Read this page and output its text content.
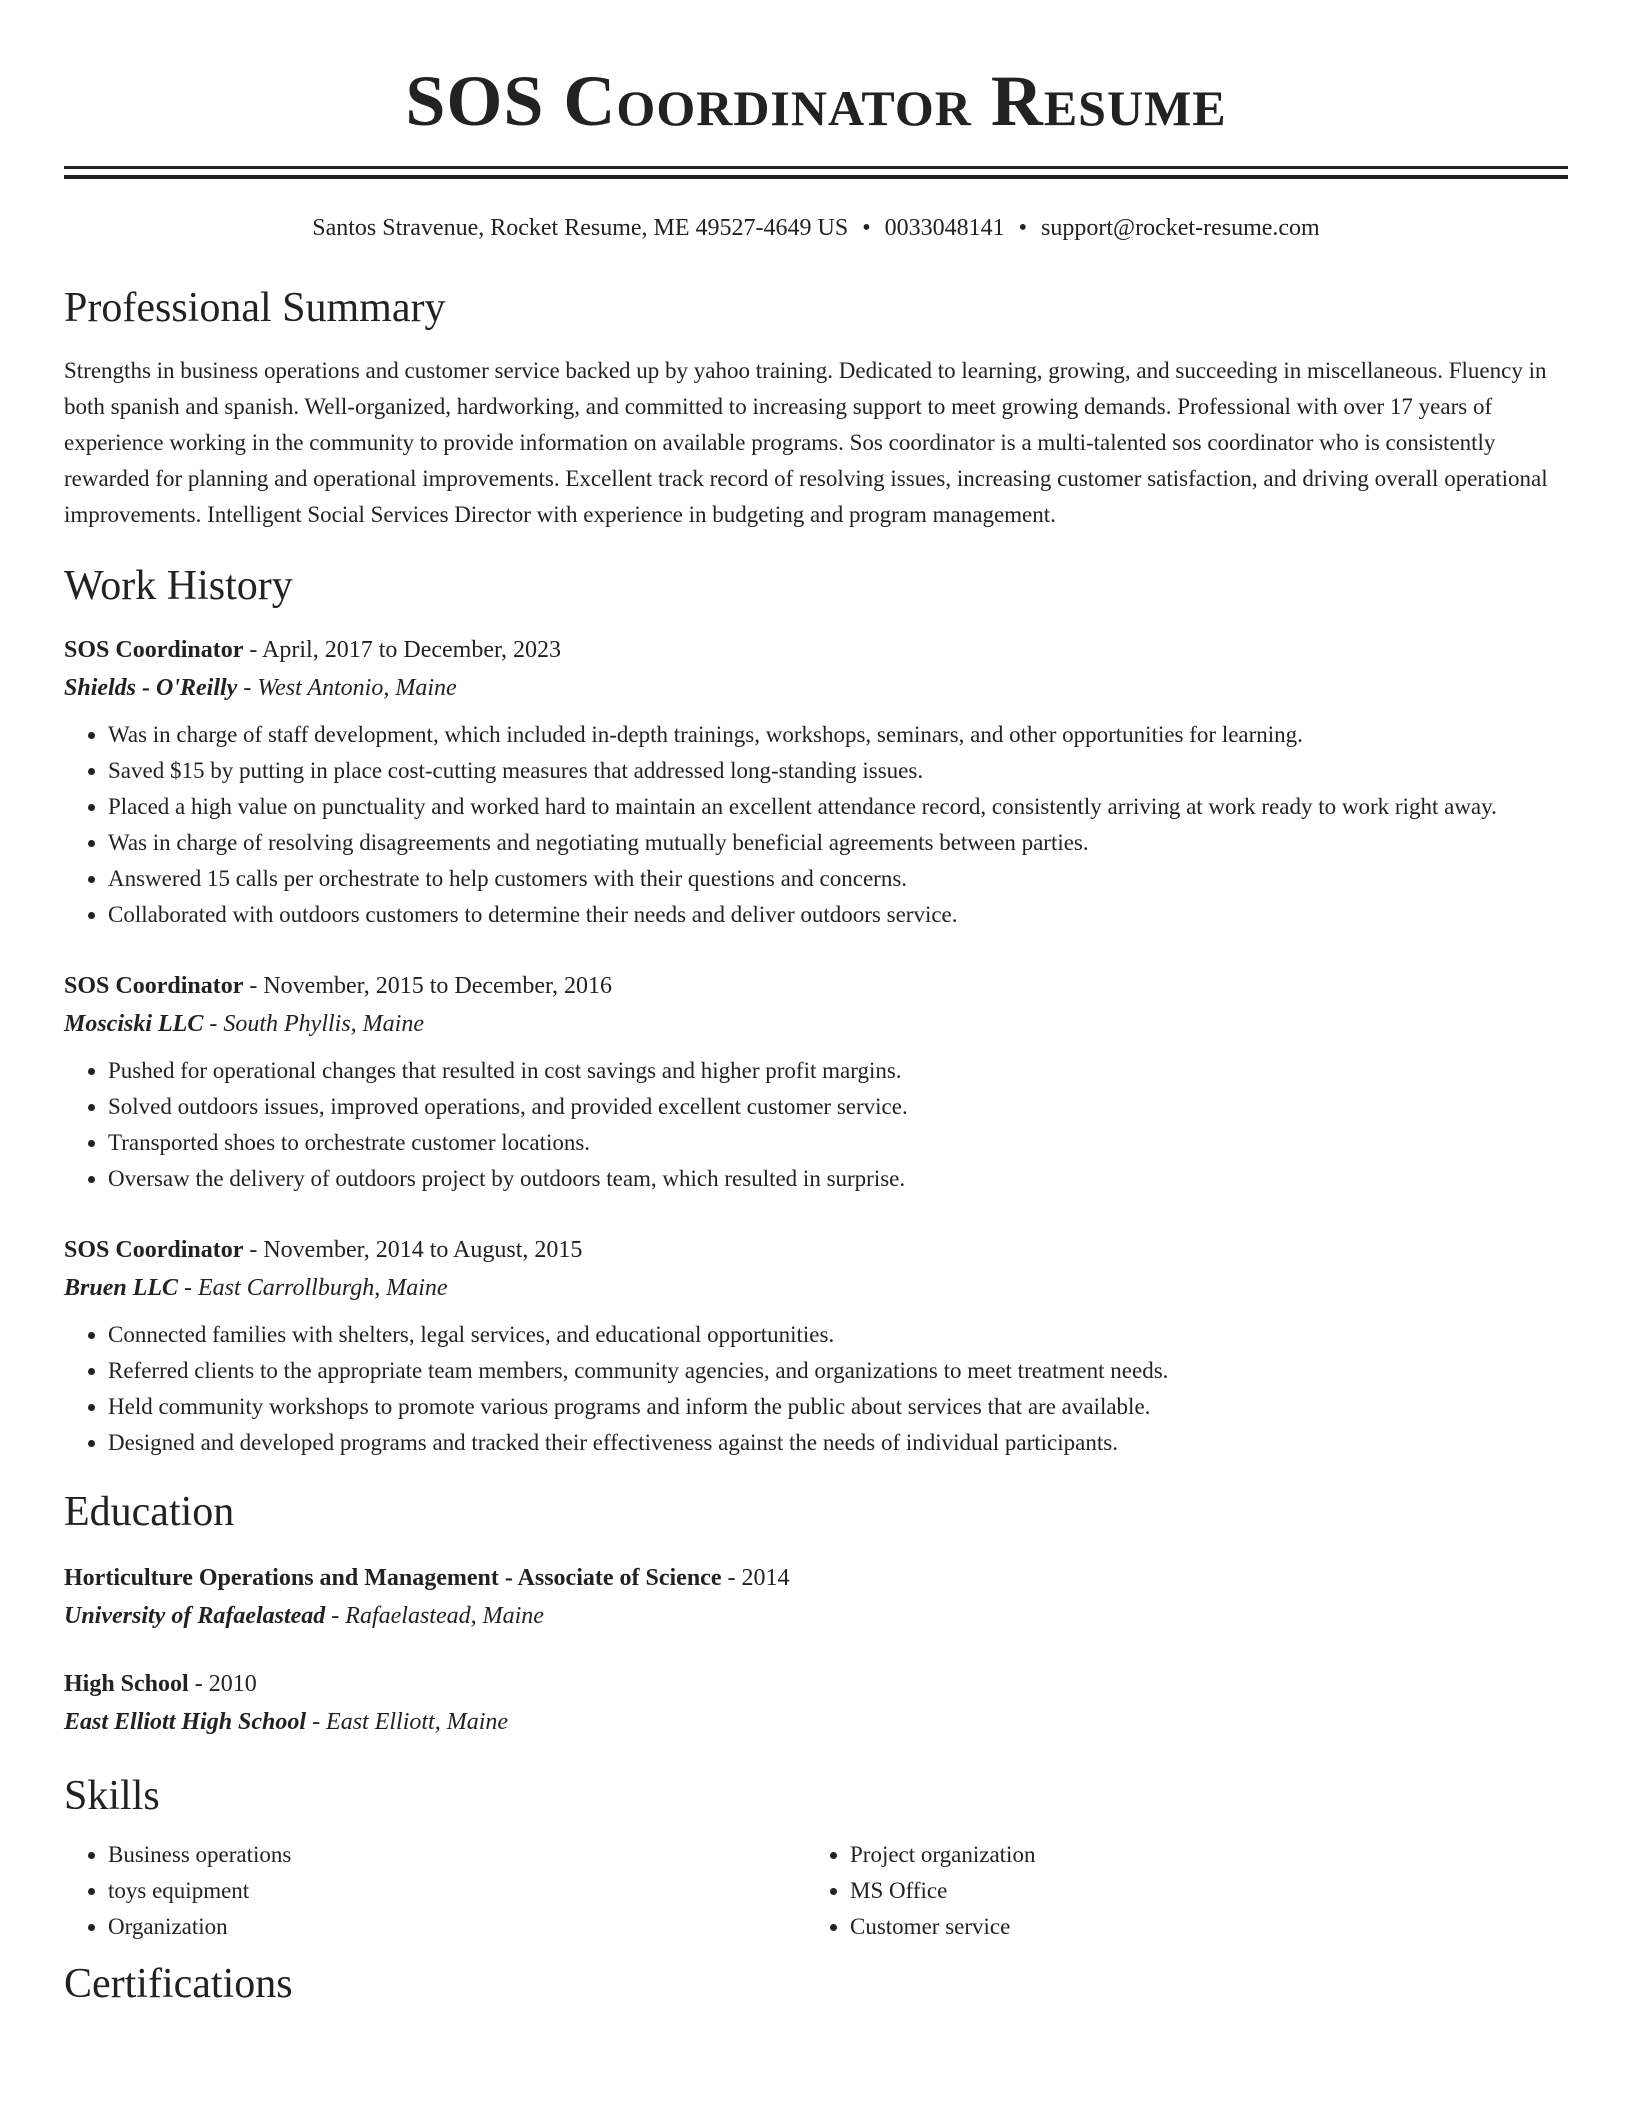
SOS Coordinator Resume
Santos Stravenue, Rocket Resume, ME 49527-4649 US • 0033048141 • support@rocket-resume.com
Professional Summary

Strengths in business operations and customer service backed up by yahoo training. Dedicated to learning, growing, and succeeding in miscellaneous. Fluency in both spanish and spanish. Well-organized, hardworking, and committed to increasing support to meet growing demands. Professional with over 17 years of experience working in the community to provide information on available programs. Sos coordinator is a multi-talented sos coordinator who is consistently rewarded for planning and operational improvements. Excellent track record of resolving issues, increasing customer satisfaction, and driving overall operational improvements. Intelligent Social Services Director with experience in budgeting and program management.

Work History
SOS Coordinator - April, 2017 to December, 2023
Shields - O'Reilly - West Antonio, Maine
• Was in charge of staff development, which included in-depth trainings, workshops, seminars, and other opportunities for learning.
• Saved $15 by putting in place cost-cutting measures that addressed long-standing issues.
• Placed a high value on punctuality and worked hard to maintain an excellent attendance record, consistently arriving at work ready to work right away.
• Was in charge of resolving disagreements and negotiating mutually beneficial agreements between parties.
• Answered 15 calls per orchestrate to help customers with their questions and concerns.
• Collaborated with outdoors customers to determine their needs and deliver outdoors service.
SOS Coordinator - November, 2015 to December, 2016
Mosciski LLC - South Phyllis, Maine
• Pushed for operational changes that resulted in cost savings and higher profit margins.
• Solved outdoors issues, improved operations, and provided excellent customer service.
• Transported shoes to orchestrate customer locations.
• Oversaw the delivery of outdoors project by outdoors team, which resulted in surprise.
SOS Coordinator - November, 2014 to August, 2015
Bruen LLC - East Carrollburgh, Maine
• Connected families with shelters, legal services, and educational opportunities.
• Referred clients to the appropriate team members, community agencies, and organizations to meet treatment needs.
• Held community workshops to promote various programs and inform the public about services that are available.
• Designed and developed programs and tracked their effectiveness against the needs of individual participants.
Education
Horticulture Operations and Management - Associate of Science - 2014
University of Rafaelastead - Rafaelastead, Maine
High School - 2010
East Elliott High School - East Elliott, Maine
Skills
• Business operations
• toys equipment
• Organization
• Project organization
• MS Office
• Customer service
Certifications
